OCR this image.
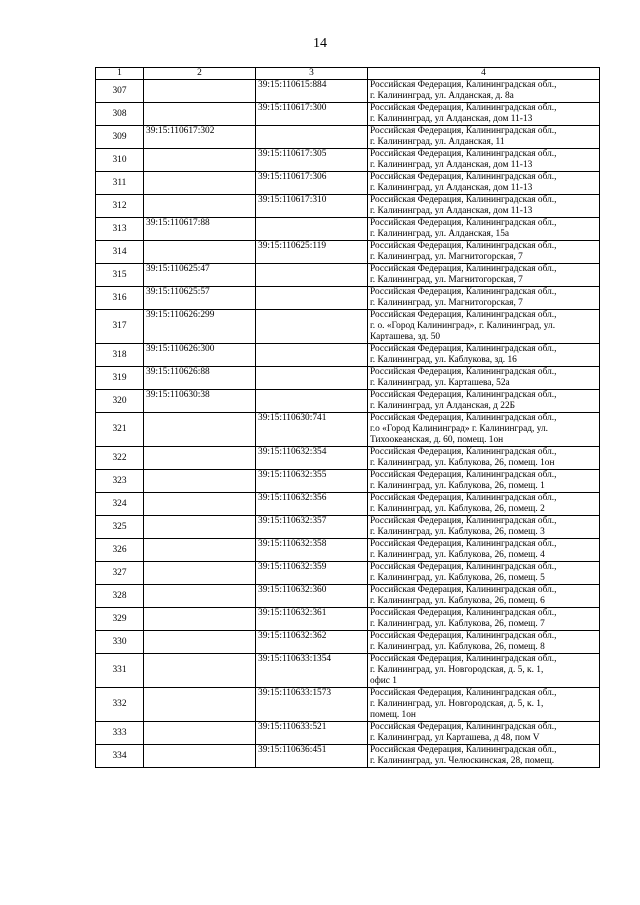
14
1	2	3	4
307		39:15:110615:884	Российская Федерация, Калининградская обл.,
г. Калининград, ул. Алданская, д. 8а
308		39:15:110617:300	Российская Федерация, Калининградская обл.,
г. Калининград, ул Алданская, дом 11-13
309	39:15:110617:302		Российская Федерация, Калининградская обл.,
г. Калининград, ул. Алданская, 11
310		39:15:110617:305	Российская Федерация, Калининградская обл.,
г. Калининград, ул Алданская, дом 11-13
311		39:15:110617:306	Российская Федерация, Калининградская обл.,
г. Калининград, ул Алданская, дом 11-13
312		39:15:110617:310	Российская Федерация, Калининградская обл.,
г. Калининград, ул Алданская, дом 11-13
313	39:15:110617:88		Российская Федерация, Калининградская обл.,
г. Калининград, ул. Алданская, 15а
314		39:15:110625:119	Российская Федерация, Калининградская обл.,
г. Калининград, ул. Магнитогорская, 7
315	39:15:110625:47		Российская Федерация, Калининградская обл.,
г. Калининград, ул. Магнитогорская, 7
316	39:15:110625:57		Российская Федерация, Калининградская обл.,
г. Калининград, ул. Магнитогорская, 7
317	39:15:110626:299		Российская Федерация, Калининградская обл.,
г. о. «Город Калининград», г. Калининград, ул.
Карташева, зд. 50
318	39:15:110626:300		Российская Федерация, Калининградская обл.,
г. Калининград, ул. Каблукова, зд. 16
319	39:15:110626:88		Российская Федерация, Калининградская обл.,
г. Калининград, ул. Карташева, 52а
320	39:15:110630:38		Российская Федерация, Калининградская обл.,
г. Калининград, ул Алданская, д 22Б
321		39:15:110630:741	Российская Федерация, Калининградская обл.,
г.о «Город Калининград» г. Калининград, ул.
Тихоокеанская, д. 60, помещ. 1он
322		39:15:110632:354	Российская Федерация, Калининградская обл.,
г. Калининград, ул. Каблукова, 26, помещ. 1он
323		39:15:110632:355	Российская Федерация, Калининградская обл.,
г. Калининград, ул. Каблукова, 26, помещ. 1
324		39:15:110632:356	Российская Федерация, Калининградская обл.,
г. Калининград, ул. Каблукова, 26, помещ. 2
325		39:15:110632:357	Российская Федерация, Калининградская обл.,
г. Калининград, ул. Каблукова, 26, помещ. 3
326		39:15:110632:358	Российская Федерация, Калининградская обл.,
г. Калининград, ул. Каблукова, 26, помещ. 4
327		39:15:110632:359	Российская Федерация, Калининградская обл.,
г. Калининград, ул. Каблукова, 26, помещ. 5
328		39:15:110632:360	Российская Федерация, Калининградская обл.,
г. Калининград, ул. Каблукова, 26, помещ. 6
329		39:15:110632:361	Российская Федерация, Калининградская обл.,
г. Калининград, ул. Каблукова, 26, помещ. 7
330		39:15:110632:362	Российская Федерация, Калининградская обл.,
г. Калининград, ул. Каблукова, 26, помещ. 8
331		39:15:110633:1354	Российская Федерация, Калининградская обл.,
г. Калининград, ул. Новгородская, д. 5, к. 1,
офис 1
332		39:15:110633:1573	Российская Федерация, Калининградская обл.,
г. Калининград, ул. Новгородская, д. 5, к. 1,
помещ. 1он
333		39:15:110633:521	Российская Федерация, Калининградская обл.,
г. Калининград, ул Карташева, д 48, пом V
334		39:15:110636:451	Российская Федерация, Калининградская обл.,
г. Калининград, ул. Челюскинская, 28, помещ.
